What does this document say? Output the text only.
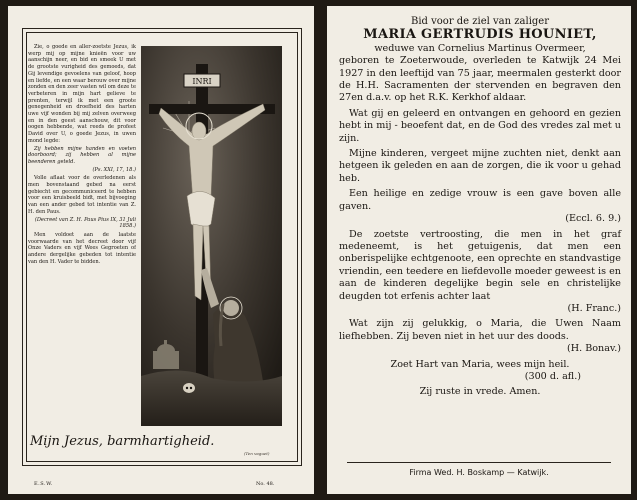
Zie, o goede en aller-zoetste Jezus, ik werp mij op mijne knieën voor uw aanschijn neer, en bid en smeek U met de grootste vurigheid des gemoeds, dat Gij levendige gevoelens van geloof, hoop en liefde, en een waar berouw over mijne zonden en den zeer vasten wil om deze te verbeteren in mijn hart gelieve te prenten, terwijl ik met een groote genegenheid en droefheid des harten uwe vijf wonden bij mij zelven overweeg en in den geest aanschouw, dit voor oogen hebbende, wat reeds de profeet David over U, o goede Jezus, in uwen mond legde:

Zij hebben mijne handen en voeten doorboord; zij hebben al mijne beenderen geteld.

(Ps. XXI, 17, 18.)

Volle aflaat voor de overledenen als men bovenstaand gebed na eerst gebiecht en gecommuniceerd te hebben voor een kruisbeeld bidt, met bijvoeging van een ander gebed tot intentie van Z. H. den Paus.

(Decreet van Z. H. Paus Pius IX, 31 Juli 1858.)

Men voldoet aan de laatste voorwaarde van het decreet door vijf Onze Vaders en vijf Wees Gegroeten of andere dergelijke gebeden tot intentie van den H. Vader te bidden.

INRI
Mijn Jezus, barmhartigheid.
(Ten vaguet)
E.S.W.	No. 48.
Bid voor de ziel van zaliger
MARIA GERTRUDIS HOUNIET,
weduwe van Cornelius Martinus Overmeer,
geboren te Zoeterwoude, overleden te Katwijk 24 Mei 1927 in den leeftijd van 75 jaar, meermalen gesterkt door de H.H. Sacramenten der stervenden en begraven den 27en d.a.v. op het R.K. Kerkhof aldaar.

Wat gij en geleerd en ontvangen en gehoord en gezien hebt in mij - beoefent dat, en de God des vredes zal met u zijn.

Mijne kinderen, vergeet mijne zuchten niet, denkt aan hetgeen ik geleden en aan de zorgen, die ik voor u gehad heb.

Een heilige en zedige vrouw is een gave boven alle gaven.
(Eccl. 6. 9.)

De zoetste vertroosting, die men in het graf medeneemt, is het getuigenis, dat men een onberispelijke echtgenoote, een oprechte en standvastige vriendin, een teedere en liefdevolle moeder geweest is en aan de kinderen degelijke begin sele en christelijke deugden tot erfenis achter laat
(H. Franc.)

Wat zijn zij gelukkig, o Maria, die Uwen Naam liefhebben. Zij beven niet in het uur des doods.
(H. Bonav.)

Zoet Hart van Maria, wees mijn heil.
(300 d. afl.)
Zij ruste in vrede. Amen.
Firma Wed. H. Boskamp — Katwijk.
